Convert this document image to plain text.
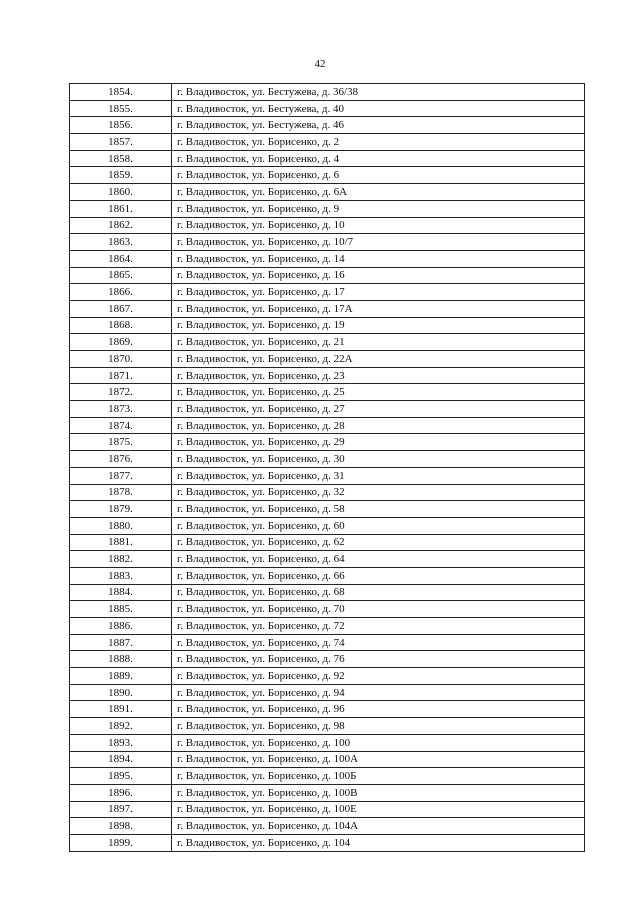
42
1854.	г. Владивосток, ул. Бестужева, д. 36/38
1855.	г. Владивосток, ул. Бестужева, д. 40
1856.	г. Владивосток, ул. Бестужева, д. 46
1857.	г. Владивосток, ул. Борисенко, д. 2
1858.	г. Владивосток, ул. Борисенко, д. 4
1859.	г. Владивосток, ул. Борисенко, д. 6
1860.	г. Владивосток, ул. Борисенко, д. 6А
1861.	г. Владивосток, ул. Борисенко, д. 9
1862.	г. Владивосток, ул. Борисенко, д. 10
1863.	г. Владивосток, ул. Борисенко, д. 10/7
1864.	г. Владивосток, ул. Борисенко, д. 14
1865.	г. Владивосток, ул. Борисенко, д. 16
1866.	г. Владивосток, ул. Борисенко, д. 17
1867.	г. Владивосток, ул. Борисенко, д. 17А
1868.	г. Владивосток, ул. Борисенко, д. 19
1869.	г. Владивосток, ул. Борисенко, д. 21
1870.	г. Владивосток, ул. Борисенко, д. 22А
1871.	г. Владивосток, ул. Борисенко, д. 23
1872.	г. Владивосток, ул. Борисенко, д. 25
1873.	г. Владивосток, ул. Борисенко, д. 27
1874.	г. Владивосток, ул. Борисенко, д. 28
1875.	г. Владивосток, ул. Борисенко, д. 29
1876.	г. Владивосток, ул. Борисенко, д. 30
1877.	г. Владивосток, ул. Борисенко, д. 31
1878.	г. Владивосток, ул. Борисенко, д. 32
1879.	г. Владивосток, ул. Борисенко, д. 58
1880.	г. Владивосток, ул. Борисенко, д. 60
1881.	г. Владивосток, ул. Борисенко, д. 62
1882.	г. Владивосток, ул. Борисенко, д. 64
1883.	г. Владивосток, ул. Борисенко, д. 66
1884.	г. Владивосток, ул. Борисенко, д. 68
1885.	г. Владивосток, ул. Борисенко, д. 70
1886.	г. Владивосток, ул. Борисенко, д. 72
1887.	г. Владивосток, ул. Борисенко, д. 74
1888.	г. Владивосток, ул. Борисенко, д. 76
1889.	г. Владивосток, ул. Борисенко, д. 92
1890.	г. Владивосток, ул. Борисенко, д. 94
1891.	г. Владивосток, ул. Борисенко, д. 96
1892.	г. Владивосток, ул. Борисенко, д. 98
1893.	г. Владивосток, ул. Борисенко, д. 100
1894.	г. Владивосток, ул. Борисенко, д. 100А
1895.	г. Владивосток, ул. Борисенко, д. 100Б
1896.	г. Владивосток, ул. Борисенко, д. 100В
1897.	г. Владивосток, ул. Борисенко, д. 100Е
1898.	г. Владивосток, ул. Борисенко, д. 104А
1899.	г. Владивосток, ул. Борисенко, д. 104
